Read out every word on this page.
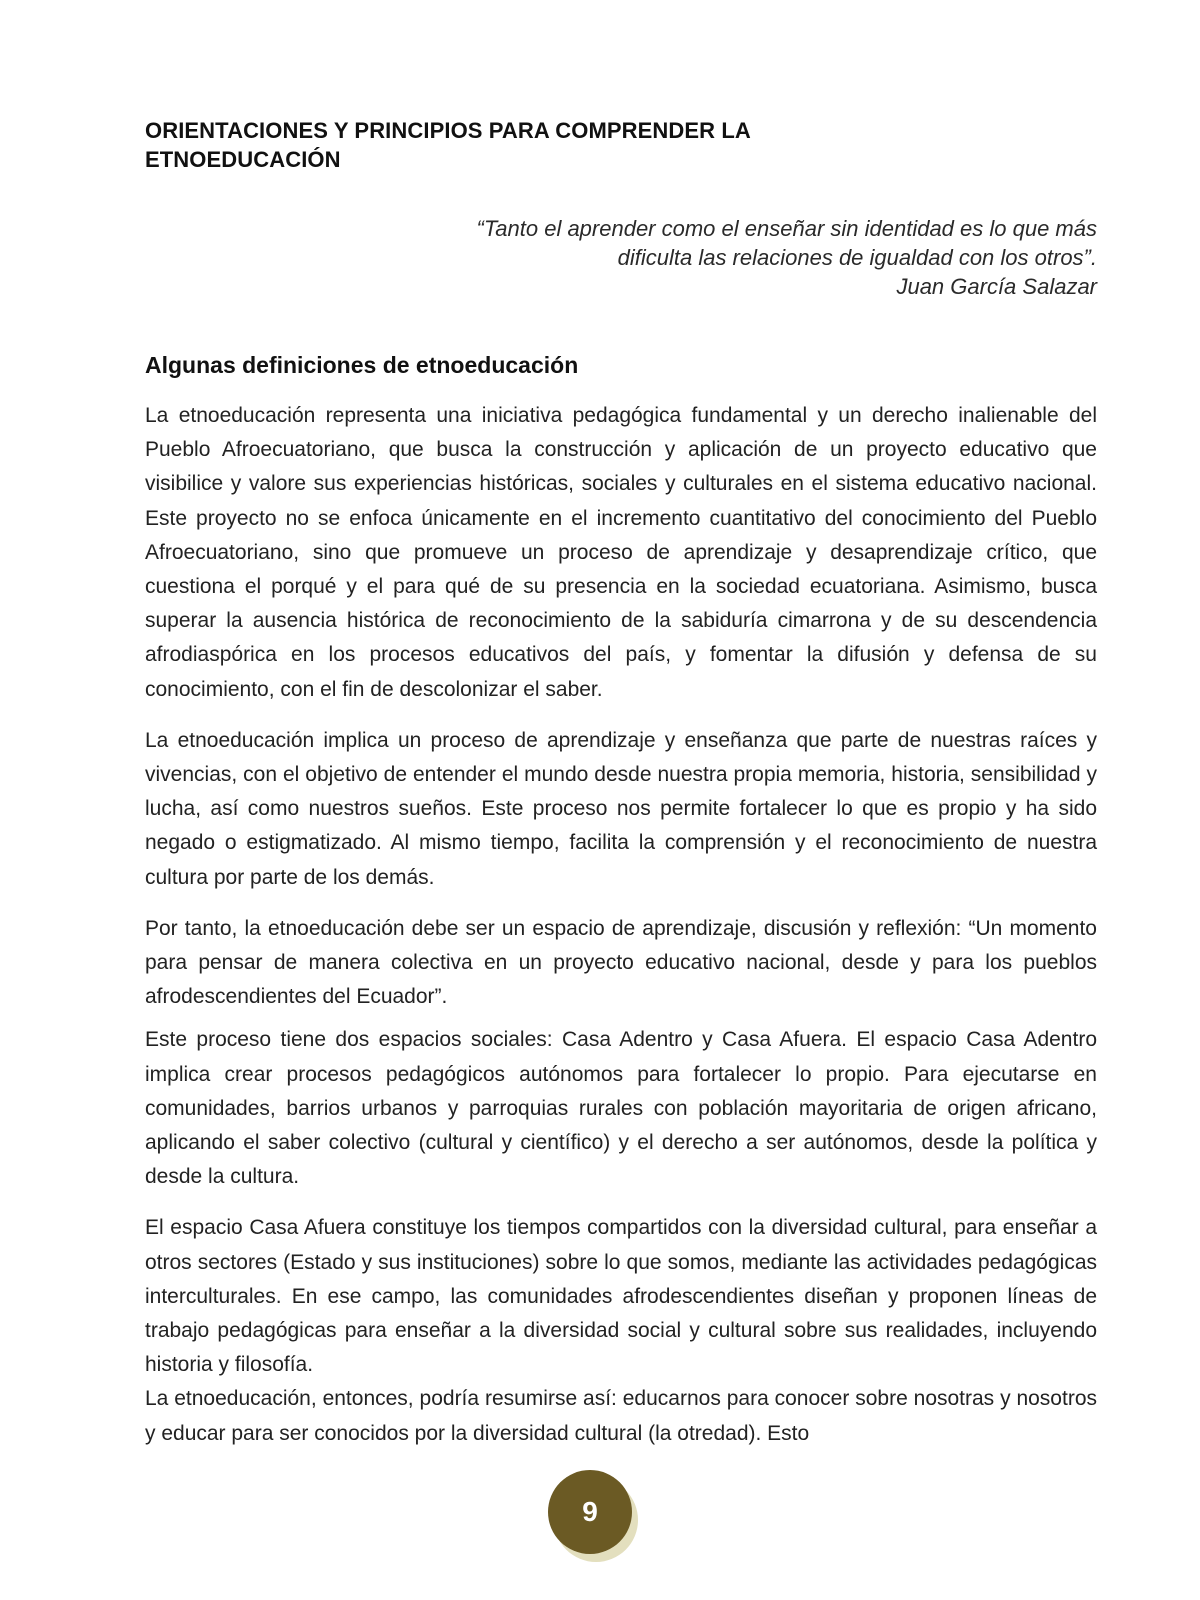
ORIENTACIONES Y PRINCIPIOS PARA COMPRENDER LA ETNOEDUCACIÓN

“Tanto el aprender como el enseñar sin identidad es lo que más

dificulta las relaciones de igualdad con los otros”.

Juan García Salazar

Algunas definiciones de etnoeducación

La etnoeducación representa una iniciativa pedagógica fundamental y un derecho inalienable del Pueblo Afroecuatoriano, que busca la construcción y aplicación de un proyecto educativo que visibilice y valore sus experiencias históricas, sociales y culturales en el sistema educativo nacional. Este proyecto no se enfoca únicamente en el incremento cuantitativo del conocimiento del Pueblo Afroecuatoriano, sino que promueve un proceso de aprendizaje y desaprendizaje crítico, que cuestiona el porqué y el para qué de su presencia en la sociedad ecuatoriana. Asimismo, busca superar la ausencia histórica de reconocimiento de la sabiduría cimarrona y de su descendencia afrodiaspórica en los procesos educativos del país, y fomentar la difusión y defensa de su conocimiento, con el fin de descolonizar el saber.

La etnoeducación implica un proceso de aprendizaje y enseñanza que parte de nuestras raíces y vivencias, con el objetivo de entender el mundo desde nuestra propia memoria, historia, sensibilidad y lucha, así como nuestros sueños. Este proceso nos permite fortalecer lo que es propio y ha sido negado o estigmatizado. Al mismo tiempo, facilita la comprensión y el reconocimiento de nuestra cultura por parte de los demás.

Por tanto, la etnoeducación debe ser un espacio de aprendizaje, discusión y reflexión: “Un momento para pensar de manera colectiva en un proyecto educativo nacional, desde y para los pueblos afrodescendientes del Ecuador”.

Este proceso tiene dos espacios sociales: Casa Adentro y Casa Afuera. El espacio Casa Adentro implica crear procesos pedagógicos autónomos para fortalecer lo propio. Para ejecutarse en comunidades, barrios urbanos y parroquias rurales con población mayoritaria de origen africano, aplicando el saber colectivo (cultural y científico) y el derecho a ser autónomos, desde la política y desde la cultura.

El espacio Casa Afuera constituye los tiempos compartidos con la diversidad cultural, para enseñar a otros sectores (Estado y sus instituciones) sobre lo que somos, mediante las actividades pedagógicas interculturales. En ese campo, las comunidades afrodescendientes diseñan y proponen líneas de trabajo pedagógicas para enseñar a la diversidad social y cultural sobre sus realidades, incluyendo historia y filosofía.

La etnoeducación, entonces, podría resumirse así: educarnos para conocer sobre nosotras y nosotros y educar para ser conocidos por la diversidad cultural (la otredad). Esto

9
